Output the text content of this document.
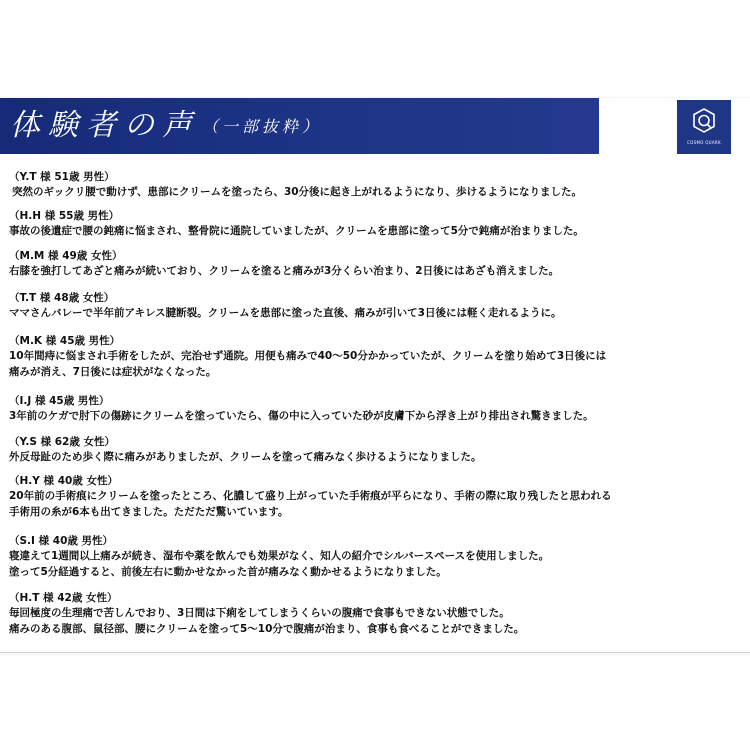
体験者の声 （一部抜粋）
COSMO QUARK
（Y.T 様 51歳 男性）
突然のギックリ腰で動けず、患部にクリームを塗ったら、30分後に起き上がれるようになり、歩けるようになりました。
（H.H 様 55歳 男性）
事故の後遺症で腰の鈍痛に悩まされ、整骨院に通院していましたが、クリームを患部に塗って5分で鈍痛が治まりました。
（M.M 様 49歳 女性）
右膝を強打してあざと痛みが続いており、クリームを塗ると痛みが3分くらい治まり、2日後にはあざも消えました。
（T.T 様 48歳 女性）
ママさんバレーで半年前アキレス腱断裂。クリームを患部に塗った直後、痛みが引いて3日後には軽く走れるように。
（M.K 様 45歳 男性）
10年間痔に悩まされ手術をしたが、完治せず通院。用便も痛みで40～50分かかっていたが、クリームを塗り始めて3日後には
痛みが消え、7日後には症状がなくなった。
（I.J 様 45歳 男性）
3年前のケガで肘下の傷跡にクリームを塗っていたら、傷の中に入っていた砂が皮膚下から浮き上がり排出され驚きました。
（Y.S 様 62歳 女性）
外反母趾のため歩く際に痛みがありましたが、クリームを塗って痛みなく歩けるようになりました。
（H.Y 様 40歳 女性）
20年前の手術痕にクリームを塗ったところ、化膿して盛り上がっていた手術痕が平らになり、手術の際に取り残したと思われる
手術用の糸が6本も出てきました。ただただ驚いています。
（S.I 様 40歳 男性）
寝違えて1週間以上痛みが続き、湿布や薬を飲んでも効果がなく、知人の紹介でシルバースペースを使用しました。
塗って5分経過すると、前後左右に動かせなかった首が痛みなく動かせるようになりました。
（H.T 様 42歳 女性）
毎回極度の生理痛で苦しんでおり、3日間は下痢をしてしまうくらいの腹痛で食事もできない状態でした。
痛みのある腹部、鼠径部、腰にクリームを塗って5～10分で腹痛が治まり、食事も食べることができました。
